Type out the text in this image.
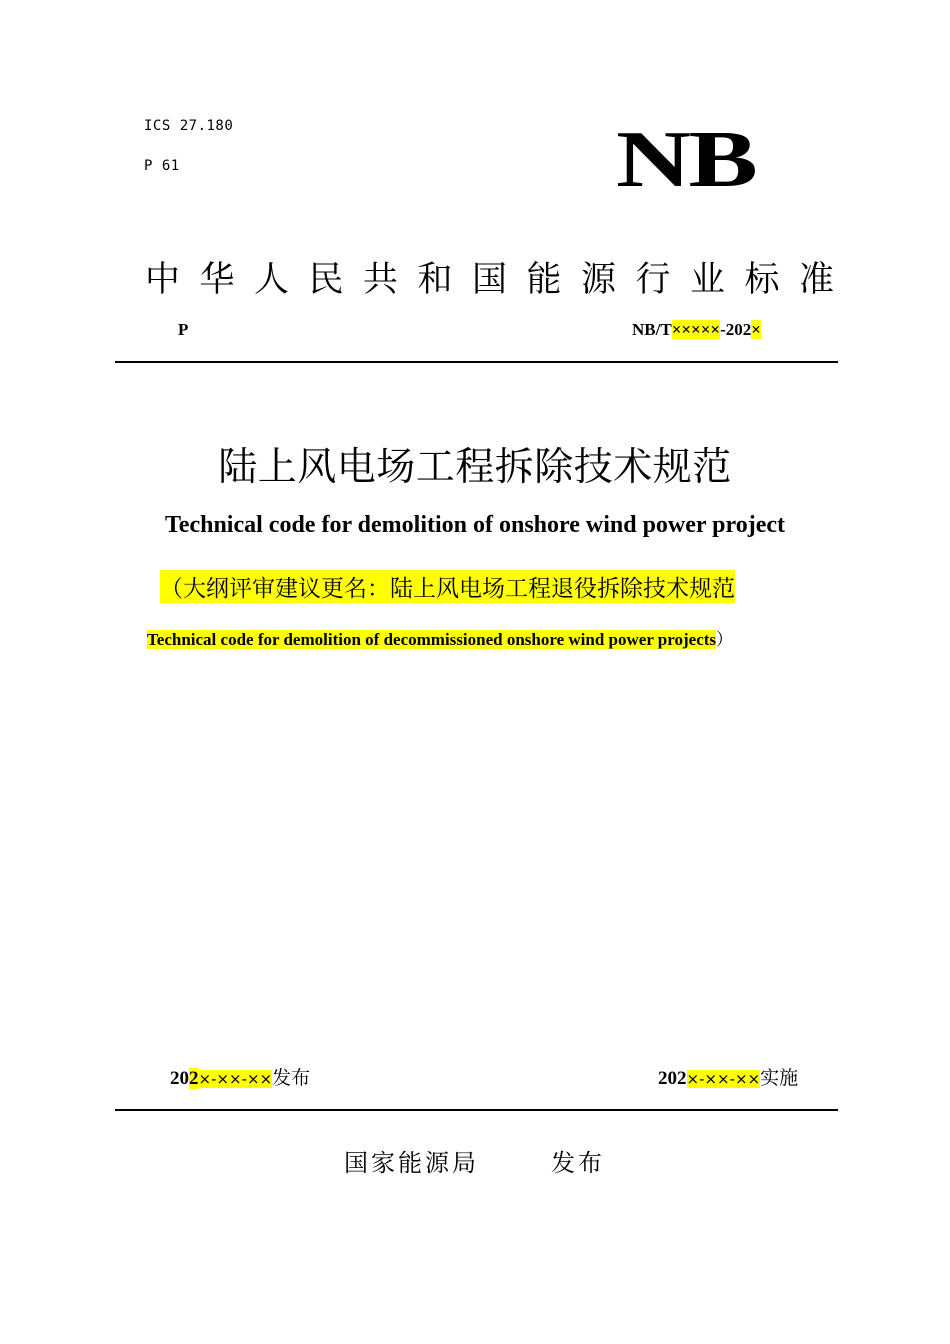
ICS 27.180
P 61	NB
中华人民共和国能源行业标准
P	NB/T×××××-202×
陆上风电场工程拆除技术规范
Technical code for demolition of onshore wind power project
（大纲评审建议更名：陆上风电场工程退役拆除技术规范
Technical code for demolition of decommissioned onshore wind power projects）
202×-××-××发布	202×-××-××实施
国家能源局	发布
